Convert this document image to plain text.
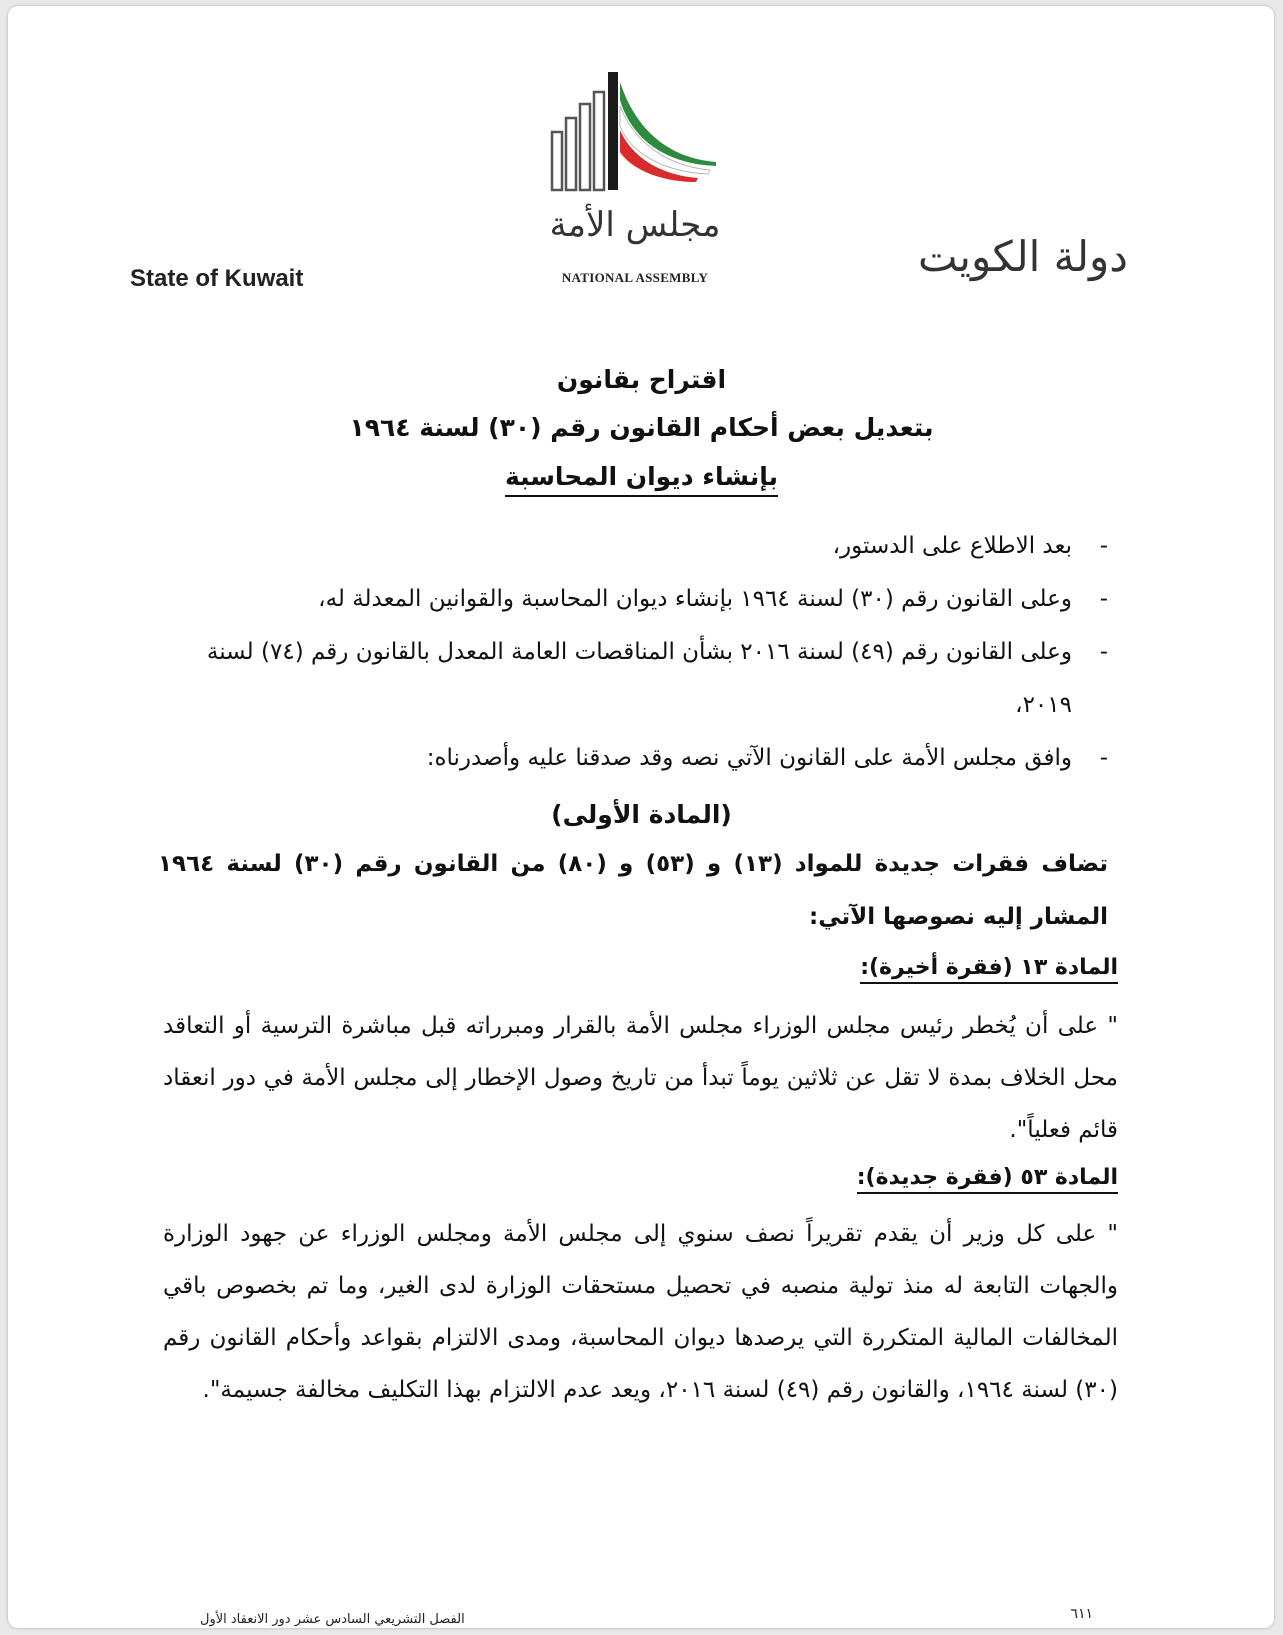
مجلس الأمة
NATIONAL ASSEMBLY
State of Kuwait	دولة الكويت
اقتراح بقانون
بتعديل بعض أحكام القانون رقم (٣٠) لسنة ١٩٦٤
بإنشاء ديوان المحاسبة
-
بعد الاطلاع على الدستور،
-
وعلى القانون رقم (٣٠) لسنة ١٩٦٤ بإنشاء ديوان المحاسبة والقوانين المعدلة له،
-
وعلى القانون رقم (٤٩) لسنة ٢٠١٦ بشأن المناقصات العامة المعدل بالقانون رقم (٧٤) لسنة ٢٠١٩،
-
وافق مجلس الأمة على القانون الآتي نصه وقد صدقنا عليه وأصدرناه:
(المادة الأولى)
تضاف فقرات جديدة للمواد (١٣) و (٥٣) و (٨٠) من القانون رقم (٣٠) لسنة ١٩٦٤ المشار إليه نصوصها الآتي:
المادة ١٣ (فقرة أخيرة):
" على أن يُخطر رئيس مجلس الوزراء مجلس الأمة بالقرار ومبرراته قبل مباشرة الترسية أو التعاقد محل الخلاف بمدة لا تقل عن ثلاثين يوماً تبدأ من تاريخ وصول الإخطار إلى مجلس الأمة في دور انعقاد قائم فعلياً".
المادة ٥٣ (فقرة جديدة):
" على كل وزير أن يقدم تقريراً نصف سنوي إلى مجلس الأمة ومجلس الوزراء عن جهود الوزارة والجهات التابعة له منذ تولية منصبه في تحصيل مستحقات الوزارة لدى الغير، وما تم بخصوص باقي المخالفات المالية المتكررة التي يرصدها ديوان المحاسبة، ومدى الالتزام بقواعد وأحكام القانون رقم (٣٠) لسنة ١٩٦٤، والقانون رقم (٤٩) لسنة ٢٠١٦، ويعد عدم الالتزام بهذا التكليف مخالفة جسيمة".
الفصل التشريعي السادس عشر دور الانعقاد الأول	٦١١
